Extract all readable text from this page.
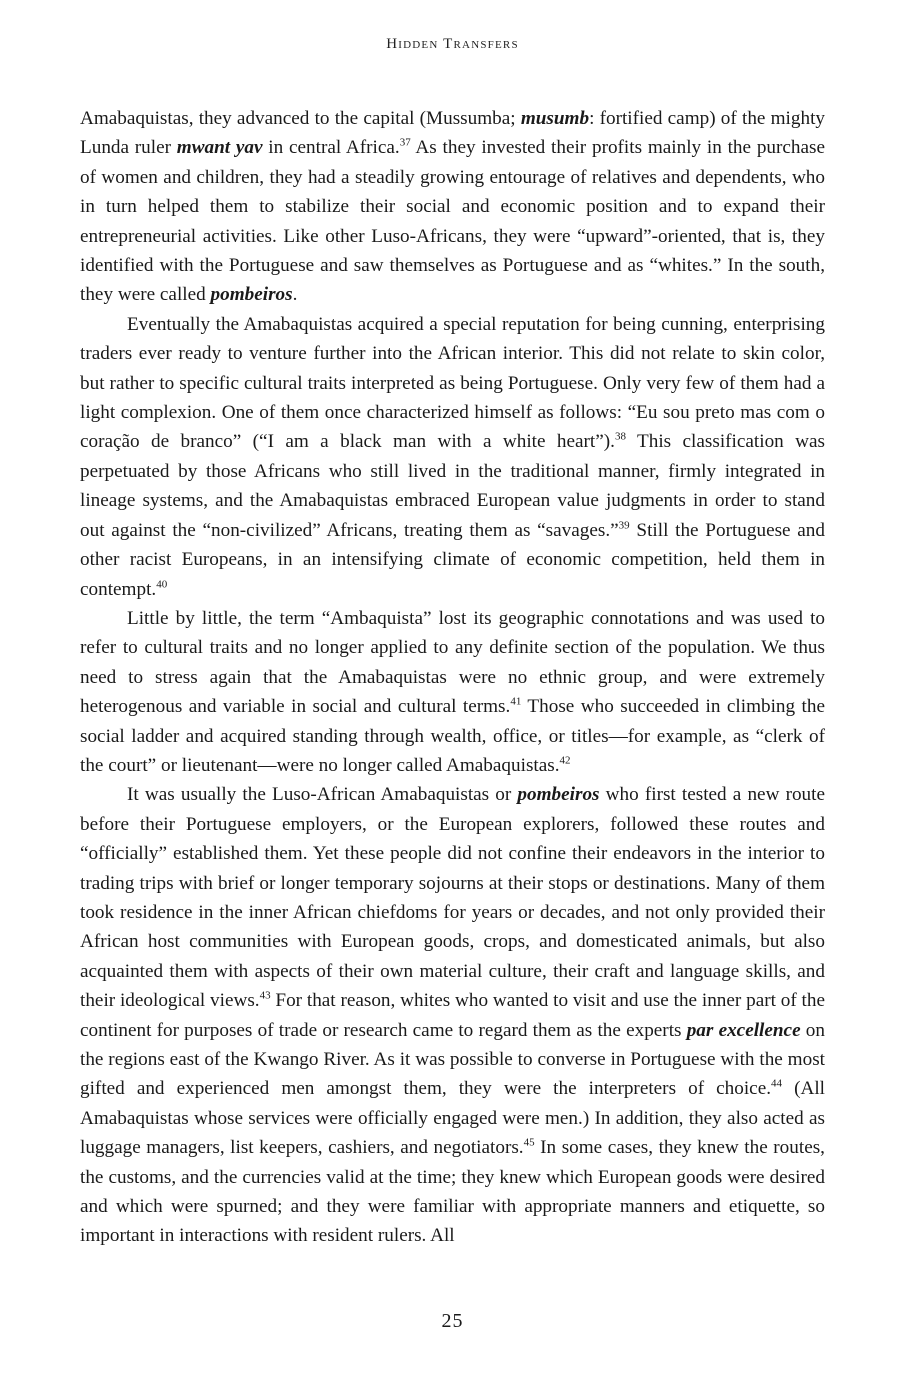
Hidden Transfers

Amabaquistas, they advanced to the capital (Mussumba; musumb: fortified camp) of the mighty Lunda ruler mwant yav in central Africa.$^{37}$ As they invested their profits mainly in the purchase of women and children, they had a steadily growing entourage of relatives and dependents, who in turn helped them to stabilize their social and economic position and to expand their entrepreneurial activities. Like other Luso-Africans, they were “upward”-oriented, that is, they identified with the Portuguese and saw themselves as Portuguese and as “whites.” In the south, they were called pombeiros.

Eventually the Amabaquistas acquired a special reputation for being cunning, enterprising traders ever ready to venture further into the African interior. This did not relate to skin color, but rather to specific cultural traits interpreted as being Portuguese. Only very few of them had a light complexion. One of them once characterized himself as follows: “Eu sou preto mas com o coração de branco” (“I am a black man with a white heart”).$^{38}$ This classification was perpetuated by those Africans who still lived in the traditional manner, firmly integrated in lineage systems, and the Amabaquistas embraced European value judgments in order to stand out against the “non-civilized” Africans, treating them as “savages.”$^{39}$ Still the Portuguese and other racist Europeans, in an intensifying climate of economic competition, held them in contempt.$^{40}$

Little by little, the term “Ambaquista” lost its geographic connotations and was used to refer to cultural traits and no longer applied to any definite section of the population. We thus need to stress again that the Amabaquistas were no ethnic group, and were extremely heterogenous and variable in social and cultural terms.$^{41}$ Those who succeeded in climbing the social ladder and acquired standing through wealth, office, or titles—for example, as “clerk of the court” or lieutenant—were no longer called Amabaquistas.$^{42}$

It was usually the Luso-African Amabaquistas or pombeiros who first tested a new route before their Portuguese employers, or the European explorers, followed these routes and “officially” established them. Yet these people did not confine their endeavors in the interior to trading trips with brief or longer temporary sojourns at their stops or destinations. Many of them took residence in the inner African chiefdoms for years or decades, and not only provided their African host communities with European goods, crops, and domesticated animals, but also acquainted them with aspects of their own material culture, their craft and language skills, and their ideological views.$^{43}$ For that reason, whites who wanted to visit and use the inner part of the continent for purposes of trade or research came to regard them as the experts par excellence on the regions east of the Kwango River. As it was possible to converse in Portuguese with the most gifted and experienced men amongst them, they were the interpreters of choice.$^{44}$ (All Amabaquistas whose services were officially engaged were men.) In addition, they also acted as luggage managers, list keepers, cashiers, and negotiators.$^{45}$ In some cases, they knew the routes, the customs, and the currencies valid at the time; they knew which European goods were desired and which were spurned; and they were familiar with appropriate manners and etiquette, so important in interactions with resident rulers. All

25
